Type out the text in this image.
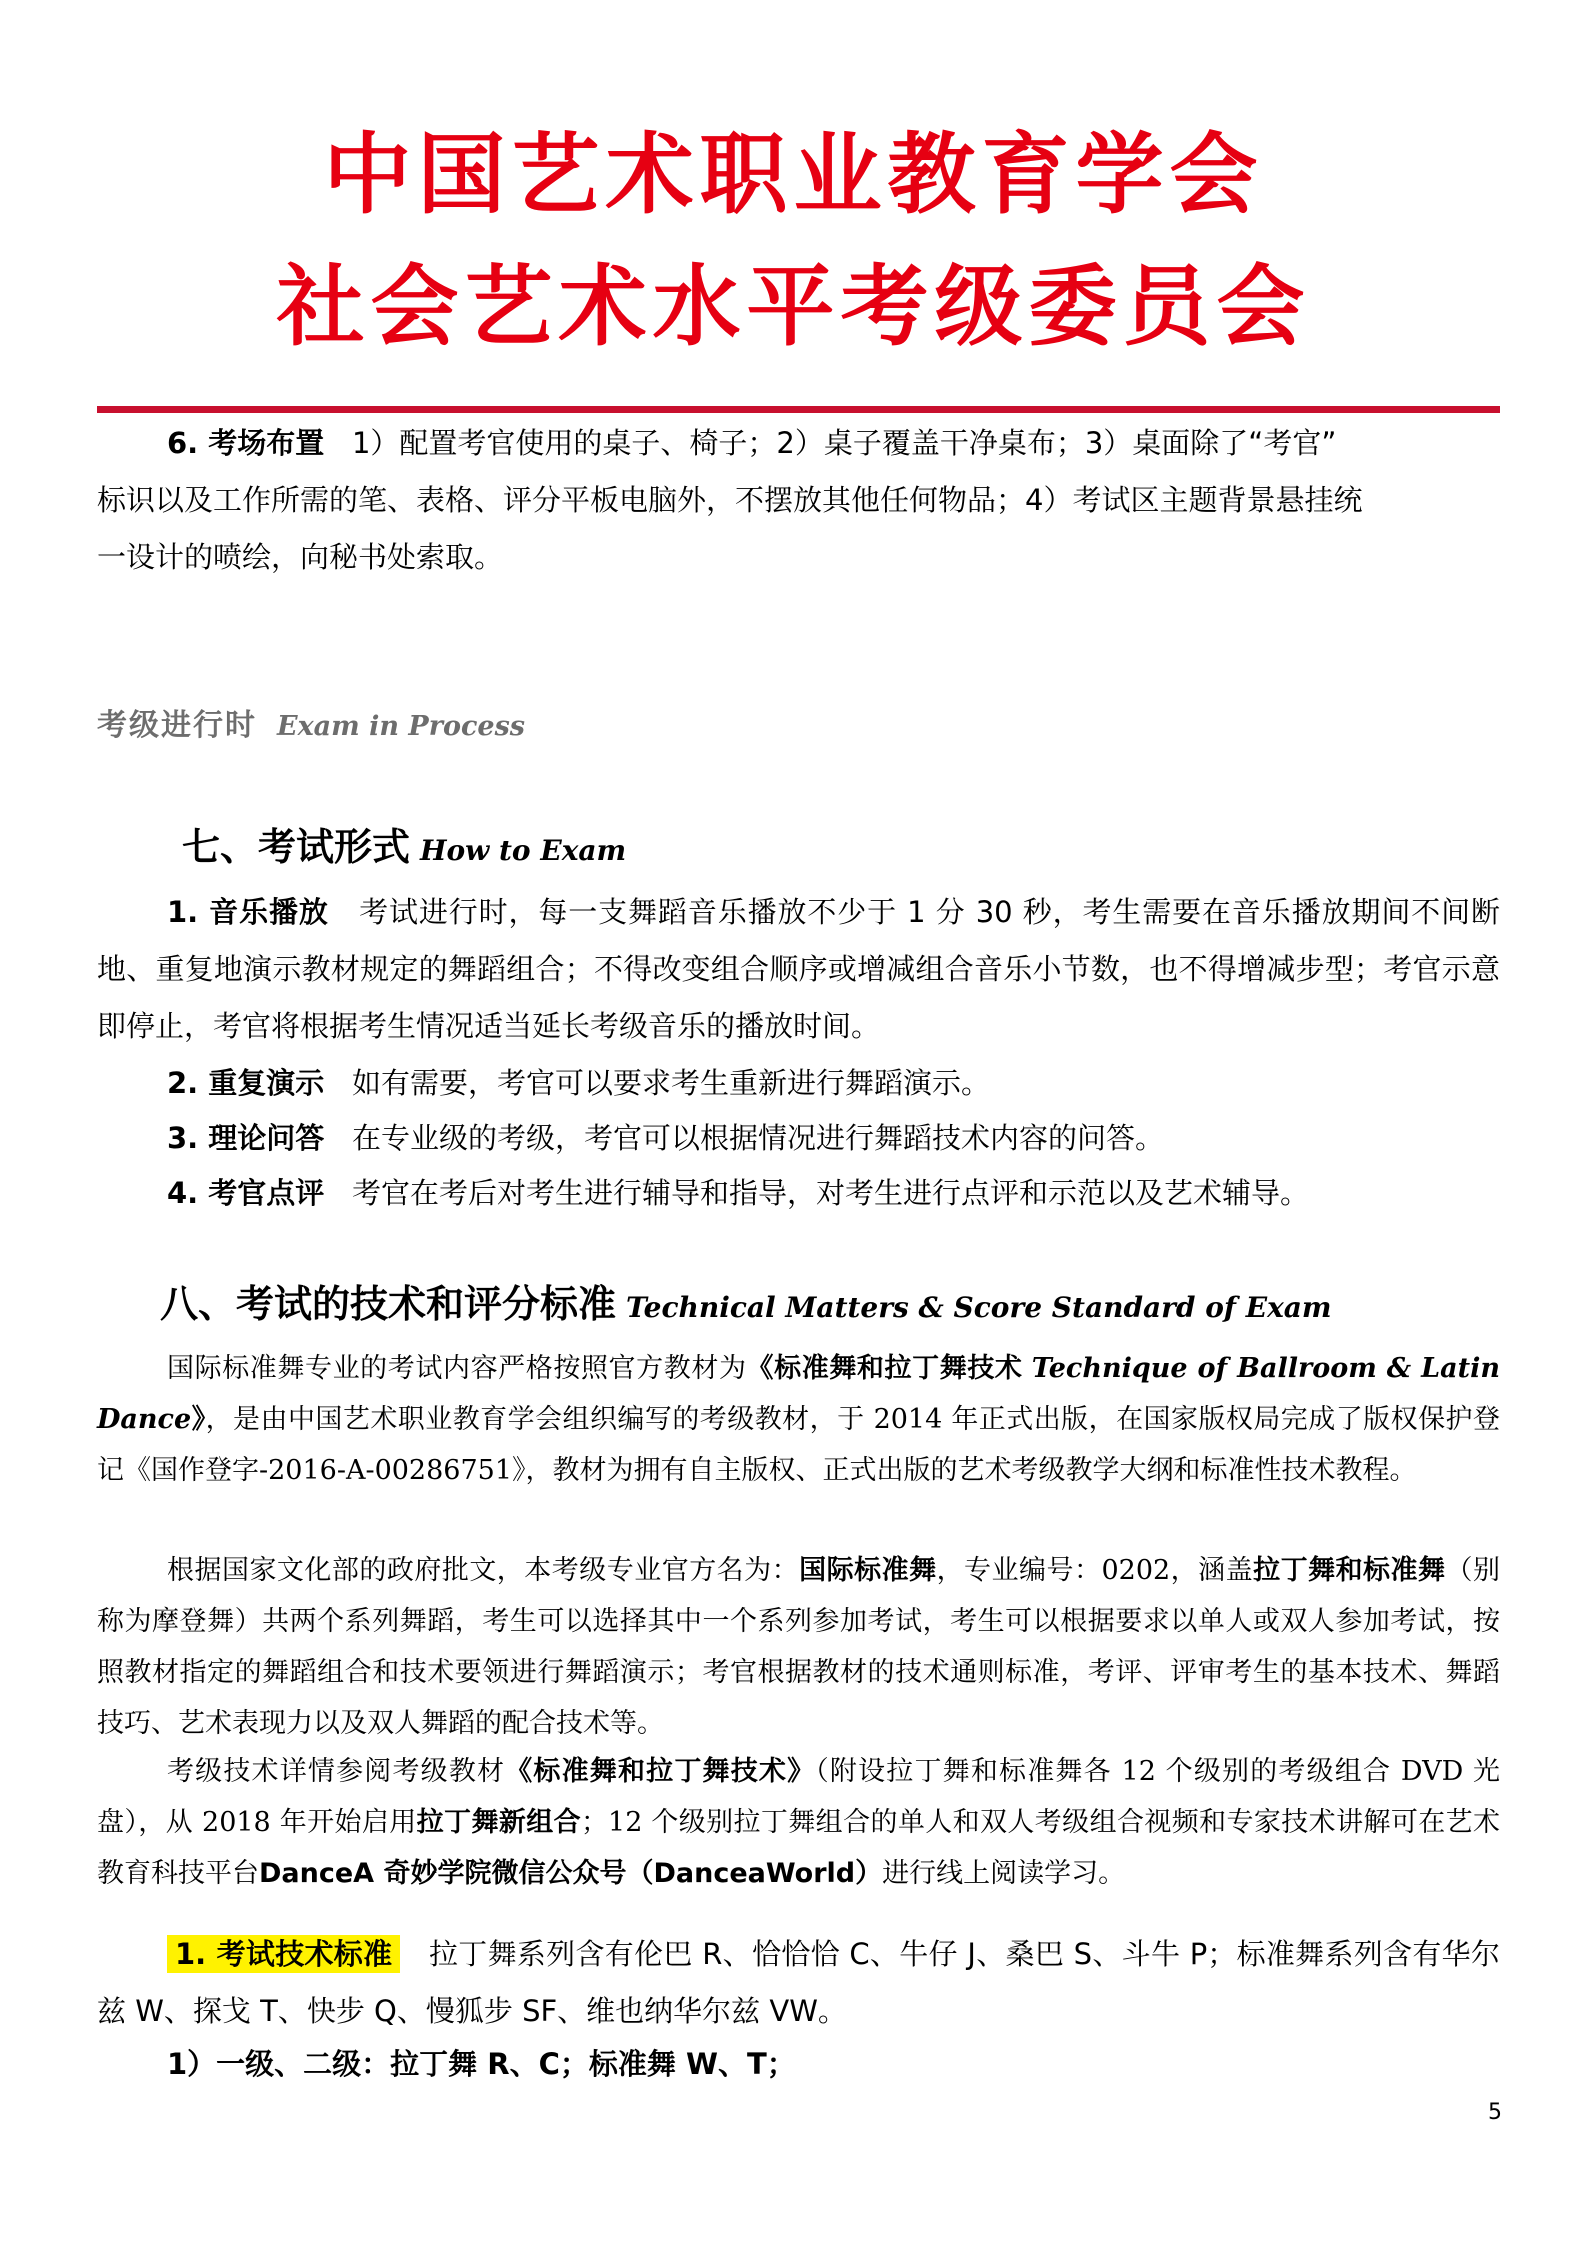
中国艺术职业教育学会
社会艺术水平考级委员会

6. 考场布置 1）配置考官使用的桌子、椅子；2）桌子覆盖干净桌布；3）桌面除了“考官”
标识以及工作所需的笔、表格、评分平板电脑外，不摆放其他任何物品；4）考试区主题背景悬挂统
一设计的喷绘，向秘书处索取。

考级进行时 Exam in Process
七、考试形式 How to Exam

1. 音乐播放 考试进行时，每一支舞蹈音乐播放不少于 1 分 30 秒，考生需要在音乐播放期间不间断地、重复地演示教材规定的舞蹈组合；不得改变组合顺序或增减组合音乐小节数，也不得增减步型；考官示意即停止，考官将根据考生情况适当延长考级音乐的播放时间。

2. 重复演示 如有需要，考官可以要求考生重新进行舞蹈演示。

3. 理论问答 在专业级的考级，考官可以根据情况进行舞蹈技术内容的问答。

4. 考官点评 考官在考后对考生进行辅导和指导，对考生进行点评和示范以及艺术辅导。

八、考试的技术和评分标准 Technical Matters & Score Standard of Exam

国际标准舞专业的考试内容严格按照官方教材为《标准舞和拉丁舞技术 Technique of Ballroom & Latin Dance》，是由中国艺术职业教育学会组织编写的考级教材，于 2014 年正式出版，在国家版权局完成了版权保护登记《国作登字-2016-A-00286751》，教材为拥有自主版权、正式出版的艺术考级教学大纲和标准性技术教程。

根据国家文化部的政府批文，本考级专业官方名为：国际标准舞，专业编号：0202，涵盖拉丁舞和标准舞（别称为摩登舞）共两个系列舞蹈，考生可以选择其中一个系列参加考试，考生可以根据要求以单人或双人参加考试，按照教材指定的舞蹈组合和技术要领进行舞蹈演示；考官根据教材的技术通则标准，考评、评审考生的基本技术、舞蹈技巧、艺术表现力以及双人舞蹈的配合技术等。

考级技术详情参阅考级教材《标准舞和拉丁舞技术》（附设拉丁舞和标准舞各 12 个级别的考级组合 DVD 光盘），从 2018 年开始启用拉丁舞新组合；12 个级别拉丁舞组合的单人和双人考级组合视频和专家技术讲解可在艺术教育科技平台DanceA 奇妙学院微信公众号（DanceaWorld）进行线上阅读学习。

1. 考试技术标准 拉丁舞系列含有伦巴 R、恰恰恰 C、牛仔 J、桑巴 S、斗牛 P；标准舞系列含有华尔兹 W、探戈 T、快步 Q、慢狐步 SF、维也纳华尔兹 VW。

1）一级、二级：拉丁舞 R、C；标准舞 W、T；

5
